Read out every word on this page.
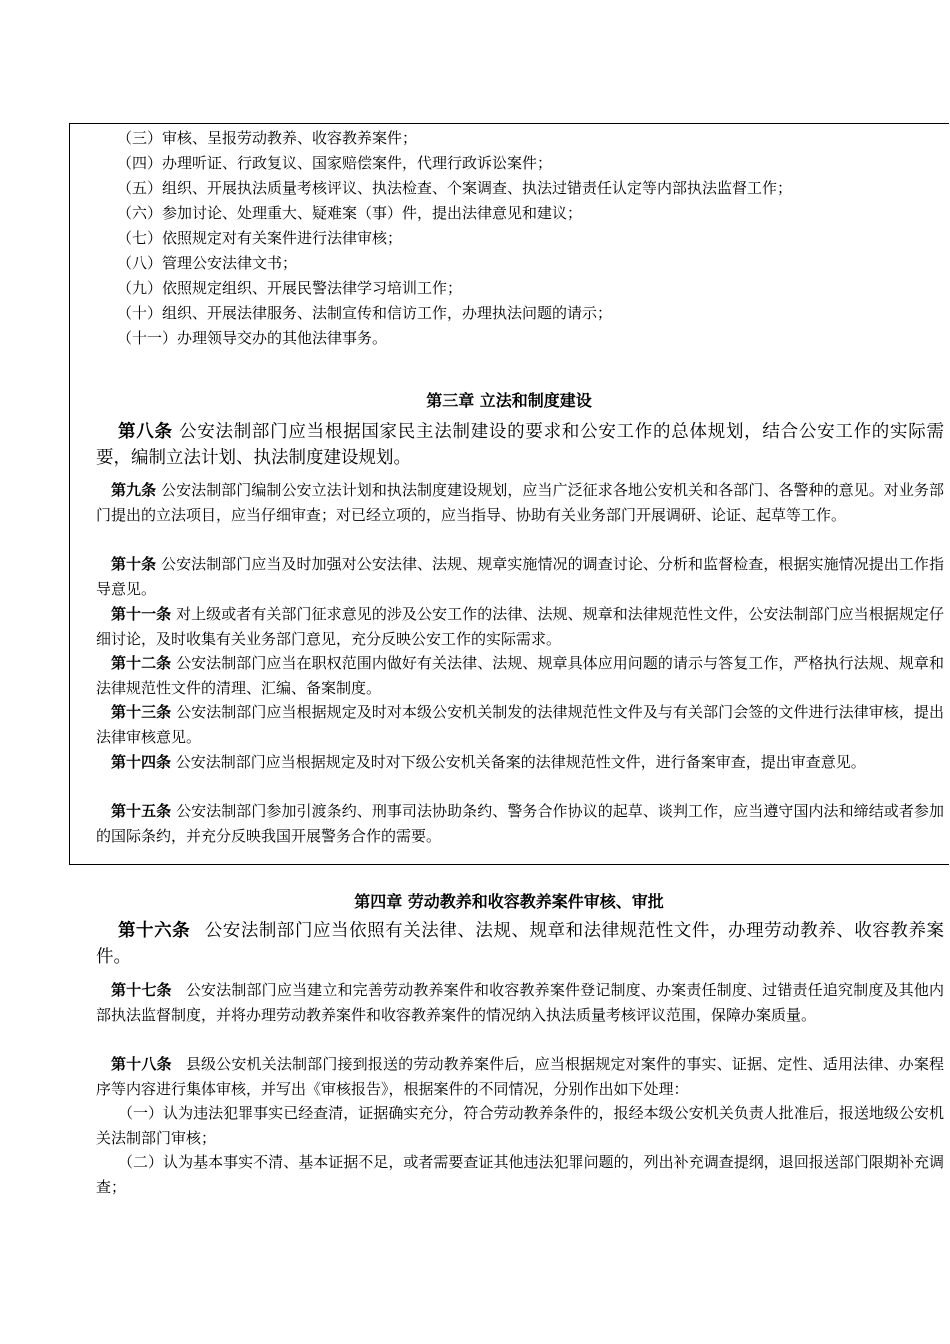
（三）审核、呈报劳动教养、收容教养案件；
（四）办理听证、行政复议、国家赔偿案件，代理行政诉讼案件；
（五）组织、开展执法质量考核评议、执法检查、个案调查、执法过错责任认定等内部执法监督工作；
（六）参加讨论、处理重大、疑难案（事）件，提出法律意见和建议；
（七）依照规定对有关案件进行法律审核；
（八）管理公安法律文书；
（九）依照规定组织、开展民警法律学习培训工作；
（十）组织、开展法律服务、法制宣传和信访工作，办理执法问题的请示；
（十一）办理领导交办的其他法律事务。
第三章 立法和制度建设
第八条 公安法制部门应当根据国家民主法制建设的要求和公安工作的总体规划，结合公安工作的实际需要，编制立法计划、执法制度建设规划。
第九条 公安法制部门编制公安立法计划和执法制度建设规划，应当广泛征求各地公安机关和各部门、各警种的意见。对业务部门提出的立法项目，应当仔细审查；对已经立项的，应当指导、协助有关业务部门开展调研、论证、起草等工作。
第十条 公安法制部门应当及时加强对公安法律、法规、规章实施情况的调查讨论、分析和监督检查，根据实施情况提出工作指导意见。
第十一条 对上级或者有关部门征求意见的涉及公安工作的法律、法规、规章和法律规范性文件，公安法制部门应当根据规定仔细讨论，及时收集有关业务部门意见，充分反映公安工作的实际需求。
第十二条 公安法制部门应当在职权范围内做好有关法律、法规、规章具体应用问题的请示与答复工作，严格执行法规、规章和法律规范性文件的清理、汇编、备案制度。
第十三条 公安法制部门应当根据规定及时对本级公安机关制发的法律规范性文件及与有关部门会签的文件进行法律审核，提出法律审核意见。
第十四条 公安法制部门应当根据规定及时对下级公安机关备案的法律规范性文件，进行备案审查，提出审查意见。
第十五条 公安法制部门参加引渡条约、刑事司法协助条约、警务合作协议的起草、谈判工作，应当遵守国内法和缔结或者参加的国际条约，并充分反映我国开展警务合作的需要。
第四章 劳动教养和收容教养案件审核、审批
第十六条 公安法制部门应当依照有关法律、法规、规章和法律规范性文件，办理劳动教养、收容教养案件。
第十七条 公安法制部门应当建立和完善劳动教养案件和收容教养案件登记制度、办案责任制度、过错责任追究制度及其他内部执法监督制度，并将办理劳动教养案件和收容教养案件的情况纳入执法质量考核评议范围，保障办案质量。
第十八条 县级公安机关法制部门接到报送的劳动教养案件后，应当根据规定对案件的事实、证据、定性、适用法律、办案程序等内容进行集体审核，并写出《审核报告》，根据案件的不同情况，分别作出如下处理：
（一）认为违法犯罪事实已经查清，证据确实充分，符合劳动教养条件的，报经本级公安机关负责人批准后，报送地级公安机关法制部门审核；
（二）认为基本事实不清、基本证据不足，或者需要查证其他违法犯罪问题的，列出补充调查提纲，退回报送部门限期补充调查；
